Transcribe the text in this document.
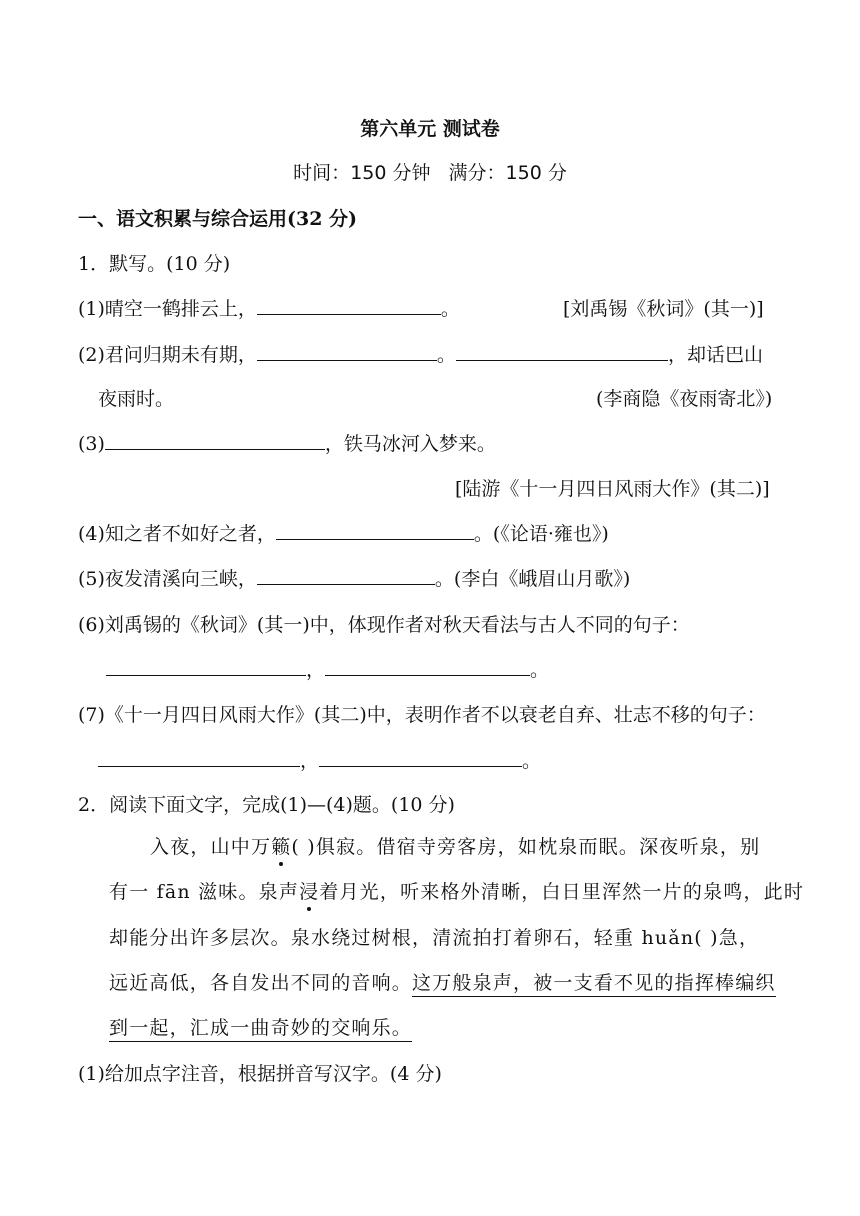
第六单元 测试卷
时间：150 分钟 满分：150 分
一、语文积累与综合运用(32 分)
1．默写。(10 分)
(1)晴空一鹤排云上，	。	[刘禹锡《秋词》(其一)]
(2)君问归期未有期，	。	，却话巴山
夜雨时。	(李商隐《夜雨寄北》)
(3)	，铁马冰河入梦来。
[陆游《十一月四日风雨大作》(其二)]
(4)知之者不如好之者，	。(《论语·雍也》)
(5)夜发清溪向三峡，	。(李白《峨眉山月歌》)
(6)刘禹锡的《秋词》(其一)中，体现作者对秋天看法与古人不同的句子：
，	。
(7)《十一月四日风雨大作》(其二)中，表明作者不以衰老自弃、壮志不移的句子：
，	。
2．阅读下面文字，完成(1)—(4)题。(10 分)
入夜，山中万籁( )俱寂。借宿寺旁客房，如枕泉而眠。深夜听泉，别
有一 fān 滋味。泉声浸着月光，听来格外清晰，白日里浑然一片的泉鸣，此时
却能分出许多层次。泉水绕过树根，清流拍打着卵石，轻重 huǎn( )急，
远近高低，各自发出不同的音响。这万般泉声，被一支看不见的指挥棒编织
到一起，汇成一曲奇妙的交响乐。
(1)给加点字注音，根据拼音写汉字。(4 分)
